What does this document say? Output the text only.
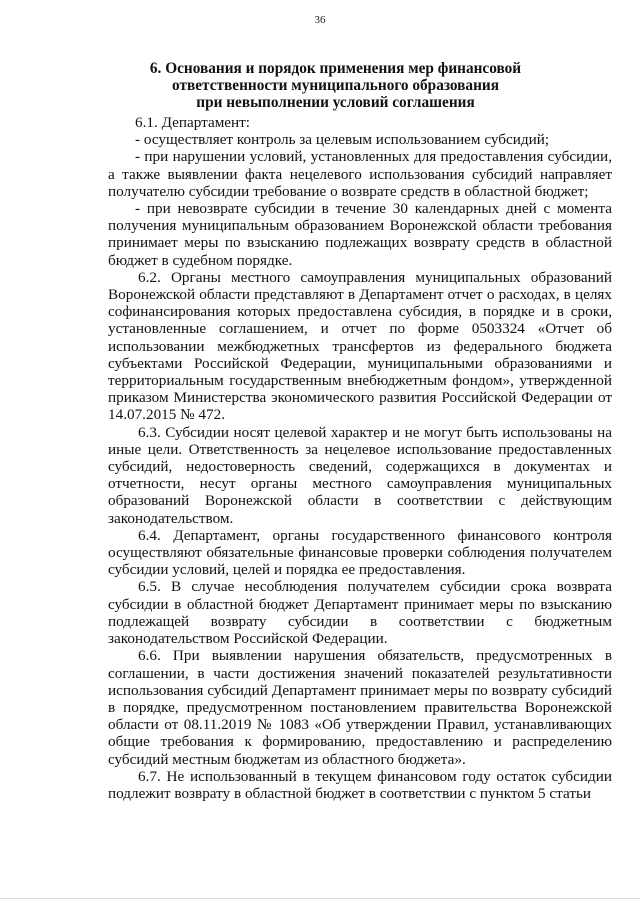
36
6. Основания и порядок применения мер финансовой
ответственности муниципального образования
при невыполнении условий соглашения

6.1. Департамент:

- осуществляет контроль за целевым использованием субсидий;

- при нарушении условий, установленных для предоставления субсидии, а также выявлении факта нецелевого использования субсидий направляет получателю субсидии требование о возврате средств в областной бюджет;

- при невозврате субсидии в течение 30 календарных дней с момента получения муниципальным образованием Воронежской области требования принимает меры по взысканию подлежащих возврату средств в областной бюджет в судебном порядке.

6.2. Органы местного самоуправления муниципальных образований Воронежской области представляют в Департамент отчет о расходах, в целях софинансирования которых предоставлена субсидия, в порядке и в сроки, установленные соглашением, и отчет по форме 0503324 «Отчет об использовании межбюджетных трансфертов из федерального бюджета субъектами Российской Федерации, муниципальными образованиями и территориальным государственным внебюджетным фондом», утвержденной приказом Министерства экономического развития Российской Федерации от 14.07.2015 № 472.

6.3. Субсидии носят целевой характер и не могут быть использованы на иные цели. Ответственность за нецелевое использование предоставленных субсидий, недостоверность сведений, содержащихся в документах и отчетности, несут органы местного самоуправления муниципальных образований Воронежской области в соответствии с действующим законодательством.

6.4. Департамент, органы государственного финансового контроля осуществляют обязательные финансовые проверки соблюдения получателем субсидии условий, целей и порядка ее предоставления.

6.5. В случае несоблюдения получателем субсидии срока возврата субсидии в областной бюджет Департамент принимает меры по взысканию подлежащей возврату субсидии в соответствии с бюджетным законодательством Российской Федерации.

6.6. При выявлении нарушения обязательств, предусмотренных в соглашении, в части достижения значений показателей результативности использования субсидий Департамент принимает меры по возврату субсидий в порядке, предусмотренном постановлением правительства Воронежской области от 08.11.2019 № 1083 «Об утверждении Правил, устанавливающих общие требования к формированию, предоставлению и распределению субсидий местным бюджетам из областного бюджета».

6.7. Не использованный в текущем финансовом году остаток субсидии подлежит возврату в областной бюджет в соответствии с пунктом 5 статьи
